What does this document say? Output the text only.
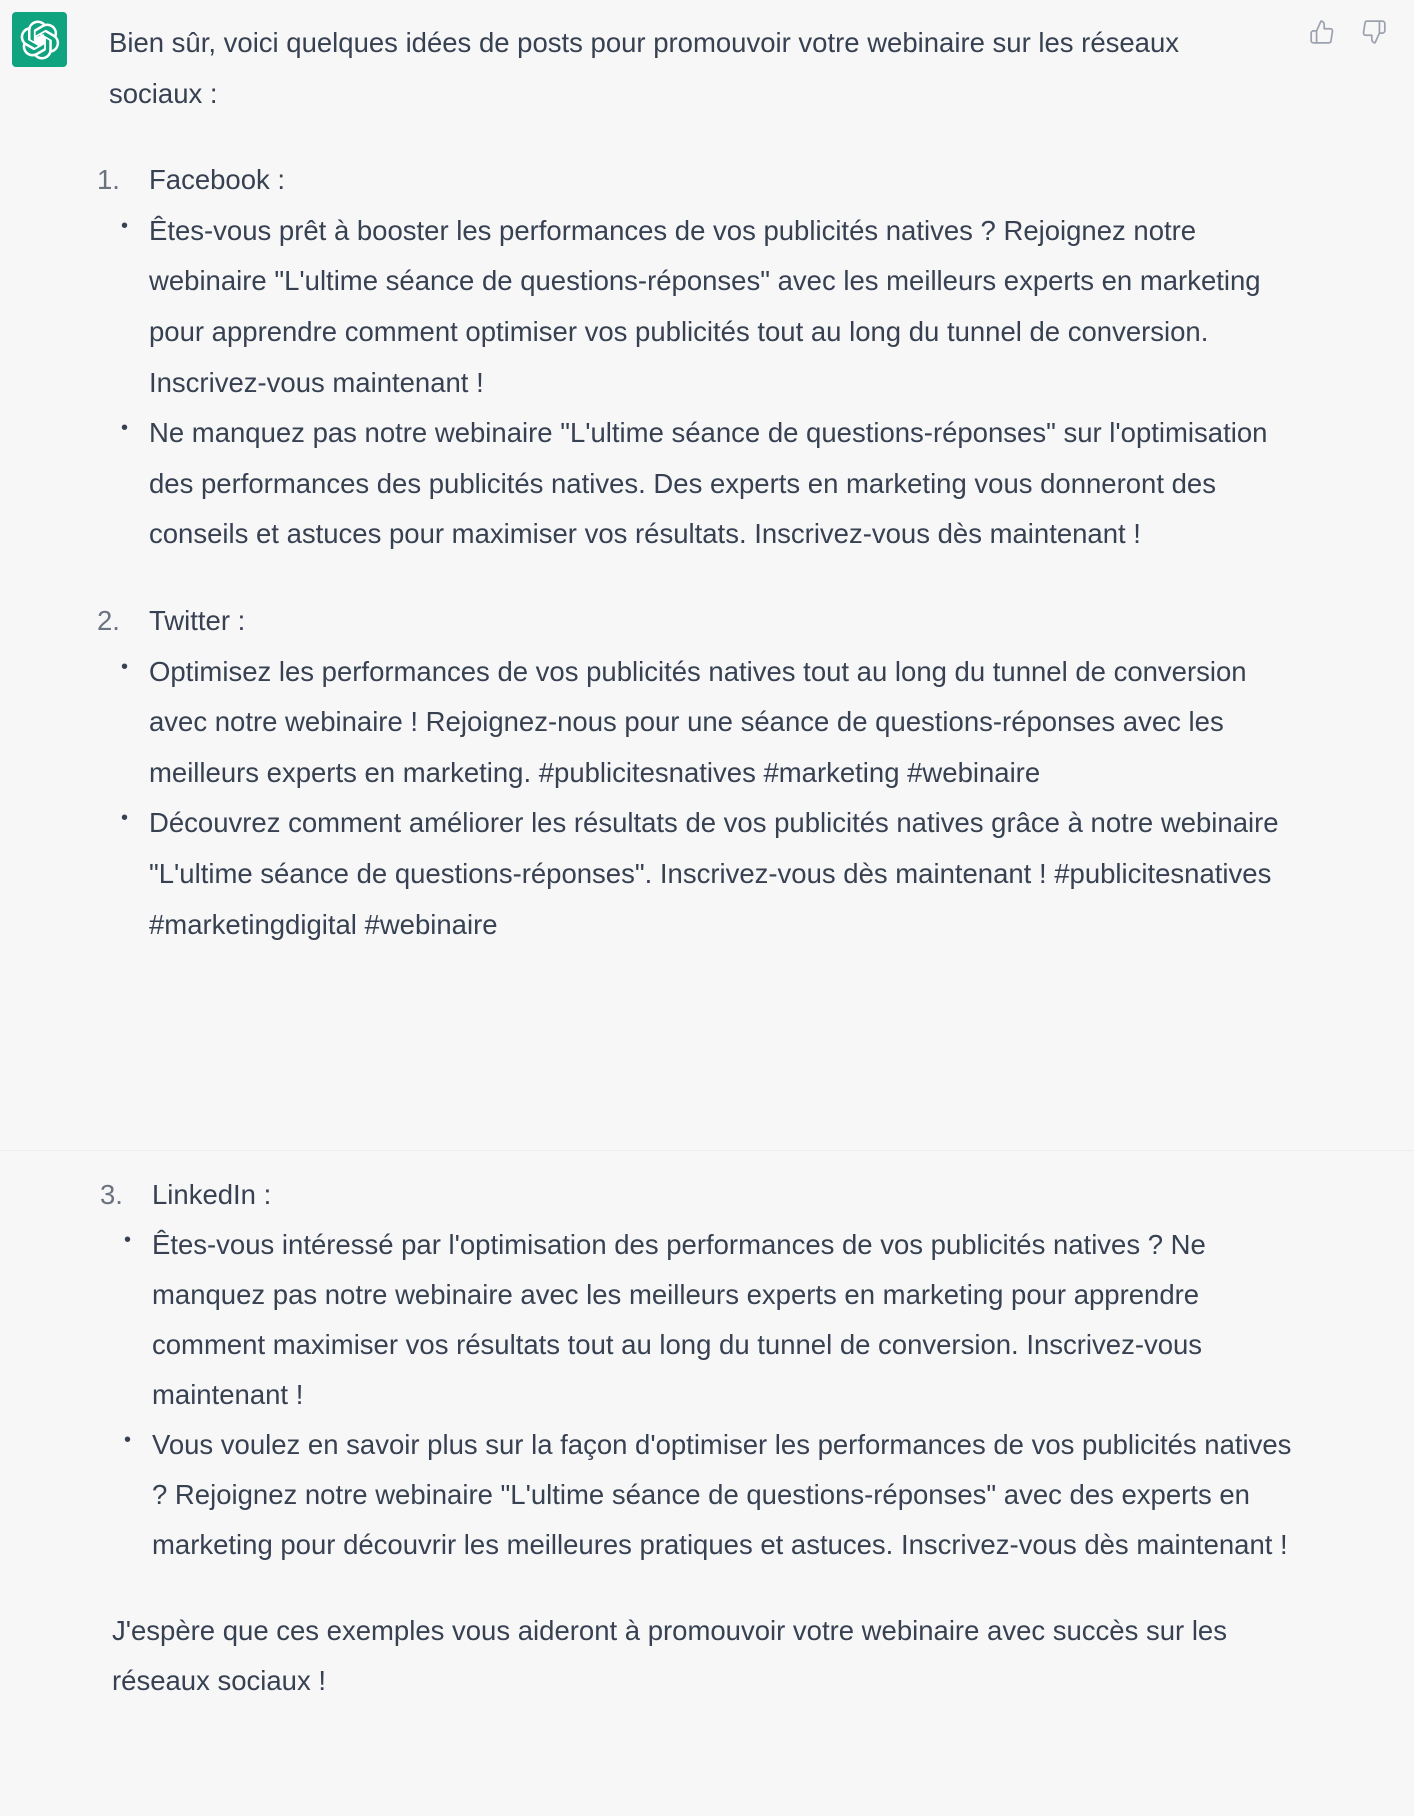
Bien sûr, voici quelques idées de posts pour promouvoir votre webinaire sur les réseaux sociaux :

1.	Facebook :
• Êtes-vous prêt à booster les performances de vos publicités natives ? Rejoignez notre webinaire "L'ultime séance de questions-réponses" avec les meilleurs experts en marketing pour apprendre comment optimiser vos publicités tout au long du tunnel de conversion. Inscrivez-vous maintenant !
• Ne manquez pas notre webinaire "L'ultime séance de questions-réponses" sur l'optimisation des performances des publicités natives. Des experts en marketing vous donneront des conseils et astuces pour maximiser vos résultats. Inscrivez-vous dès maintenant !
2.	Twitter :
• Optimisez les performances de vos publicités natives tout au long du tunnel de conversion avec notre webinaire ! Rejoignez-nous pour une séance de questions-réponses avec les meilleurs experts en marketing. #publicitesnatives #marketing #webinaire
• Découvrez comment améliorer les résultats de vos publicités natives grâce à notre webinaire "L'ultime séance de questions-réponses". Inscrivez-vous dès maintenant ! #publicitesnatives #marketingdigital #webinaire
3.	LinkedIn :
• Êtes-vous intéressé par l'optimisation des performances de vos publicités natives ? Ne manquez pas notre webinaire avec les meilleurs experts en marketing pour apprendre comment maximiser vos résultats tout au long du tunnel de conversion. Inscrivez-vous maintenant !
• Vous voulez en savoir plus sur la façon d'optimiser les performances de vos publicités natives ? Rejoignez notre webinaire "L'ultime séance de questions-réponses" avec des experts en marketing pour découvrir les meilleures pratiques et astuces. Inscrivez-vous dès maintenant !

J'espère que ces exemples vous aideront à promouvoir votre webinaire avec succès sur les réseaux sociaux !
